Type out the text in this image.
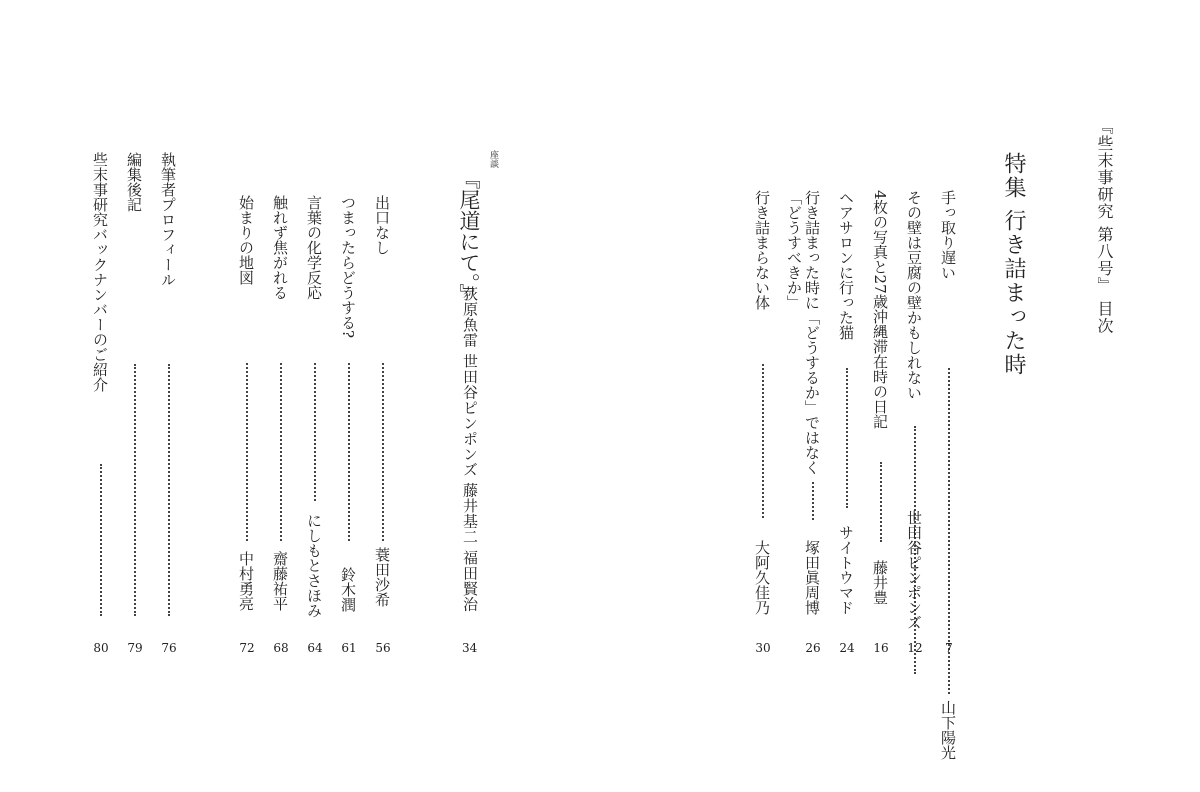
『些末事研究 第八号』 目次
特集 行き詰まった時
手っ取り遅い
山下陽光
7
その壁は豆腐の壁かもしれない
世田谷ピンポンズ
12
4枚の写真と27歳沖縄滞在時の日記
藤井豊
16
ヘアサロンに行った猫
サイトウマド
24
行き詰まった時に「どうするか」ではなく
「どうすべきか」
塚田眞周博
26
行き詰まらない体
大阿久佳乃
30
座談
『尾道にて。』
荻原魚雷 世田谷ピンポンズ 藤井基二 福田賢治
34
出口なし
蓑田沙希
56
つまったらどうする?
鈴木潤
61
言葉の化学反応
にしもとさほみ
64
触れず焦がれる
齋藤祐平
68
始まりの地図
中村勇亮
72
執筆者プロフィール
76
編集後記
79
些末事研究バックナンバーのご紹介
80
